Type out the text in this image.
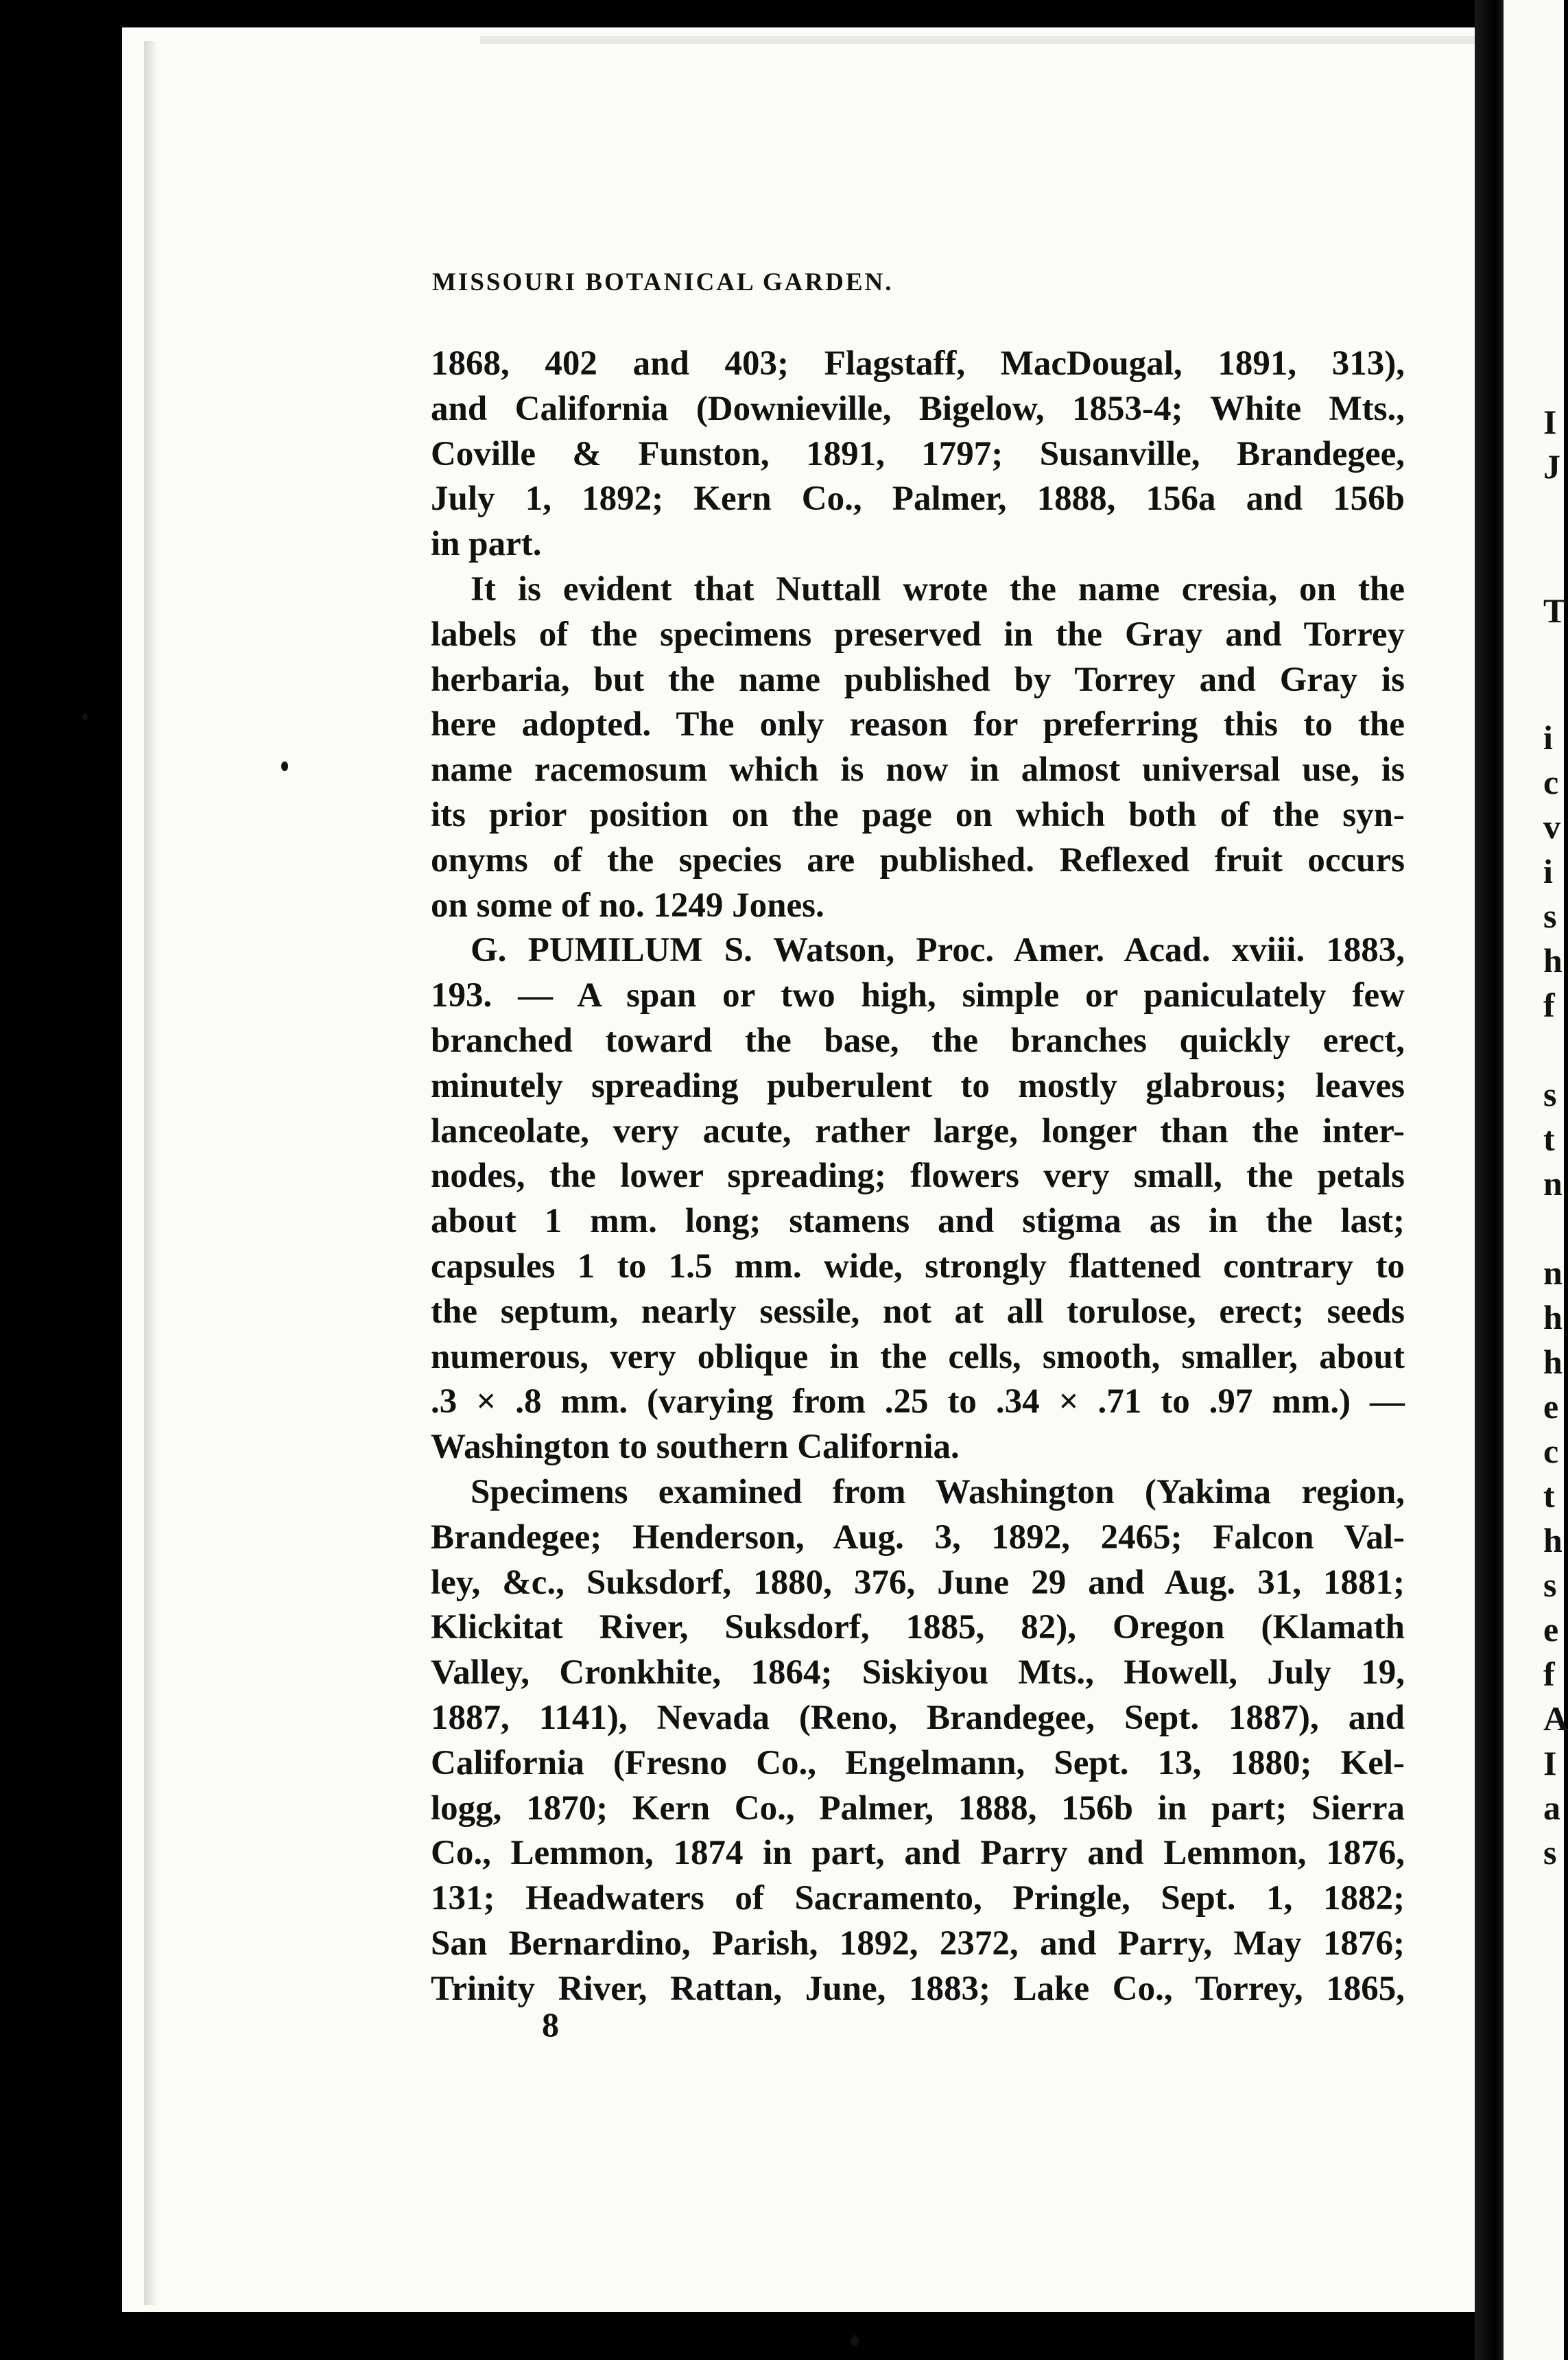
I
J
T
i
c
v
i
s
h
f
s
t
n
n
h
h
e
c
t
h
s
e
f
A
I
a
s
MISSOURI BOTANICAL GARDEN.
1868, 402 and 403; Flagstaff, MacDougal, 1891, 313),
and California (Downieville, Bigelow, 1853-4; White Mts.,
Coville & Funston, 1891, 1797; Susanville, Brandegee,
July 1, 1892; Kern Co., Palmer, 1888, 156a and 156b
in part.
It is evident that Nuttall wrote the name cresia, on the
labels of the specimens preserved in the Gray and Torrey
herbaria, but the name published by Torrey and Gray is
here adopted. The only reason for preferring this to the
name racemosum which is now in almost universal use, is
its prior position on the page on which both of the syn-
onyms of the species are published. Reflexed fruit occurs
on some of no. 1249 Jones.
G. PUMILUM S. Watson, Proc. Amer. Acad. xviii. 1883,
193. — A span or two high, simple or paniculately few
branched toward the base, the branches quickly erect,
minutely spreading puberulent to mostly glabrous; leaves
lanceolate, very acute, rather large, longer than the inter-
nodes, the lower spreading; flowers very small, the petals
about 1 mm. long; stamens and stigma as in the last;
capsules 1 to 1.5 mm. wide, strongly flattened contrary to
the septum, nearly sessile, not at all torulose, erect; seeds
numerous, very oblique in the cells, smooth, smaller, about
.3 × .8 mm. (varying from .25 to .34 × .71 to .97 mm.) —
Washington to southern California.
Specimens examined from Washington (Yakima region,
Brandegee; Henderson, Aug. 3, 1892, 2465; Falcon Val-
ley, &c., Suksdorf, 1880, 376, June 29 and Aug. 31, 1881;
Klickitat River, Suksdorf, 1885, 82), Oregon (Klamath
Valley, Cronkhite, 1864; Siskiyou Mts., Howell, July 19,
1887, 1141), Nevada (Reno, Brandegee, Sept. 1887), and
California (Fresno Co., Engelmann, Sept. 13, 1880; Kel-
logg, 1870; Kern Co., Palmer, 1888, 156b in part; Sierra
Co., Lemmon, 1874 in part, and Parry and Lemmon, 1876,
131; Headwaters of Sacramento, Pringle, Sept. 1, 1882;
San Bernardino, Parish, 1892, 2372, and Parry, May 1876;
Trinity River, Rattan, June, 1883; Lake Co., Torrey, 1865,
8
